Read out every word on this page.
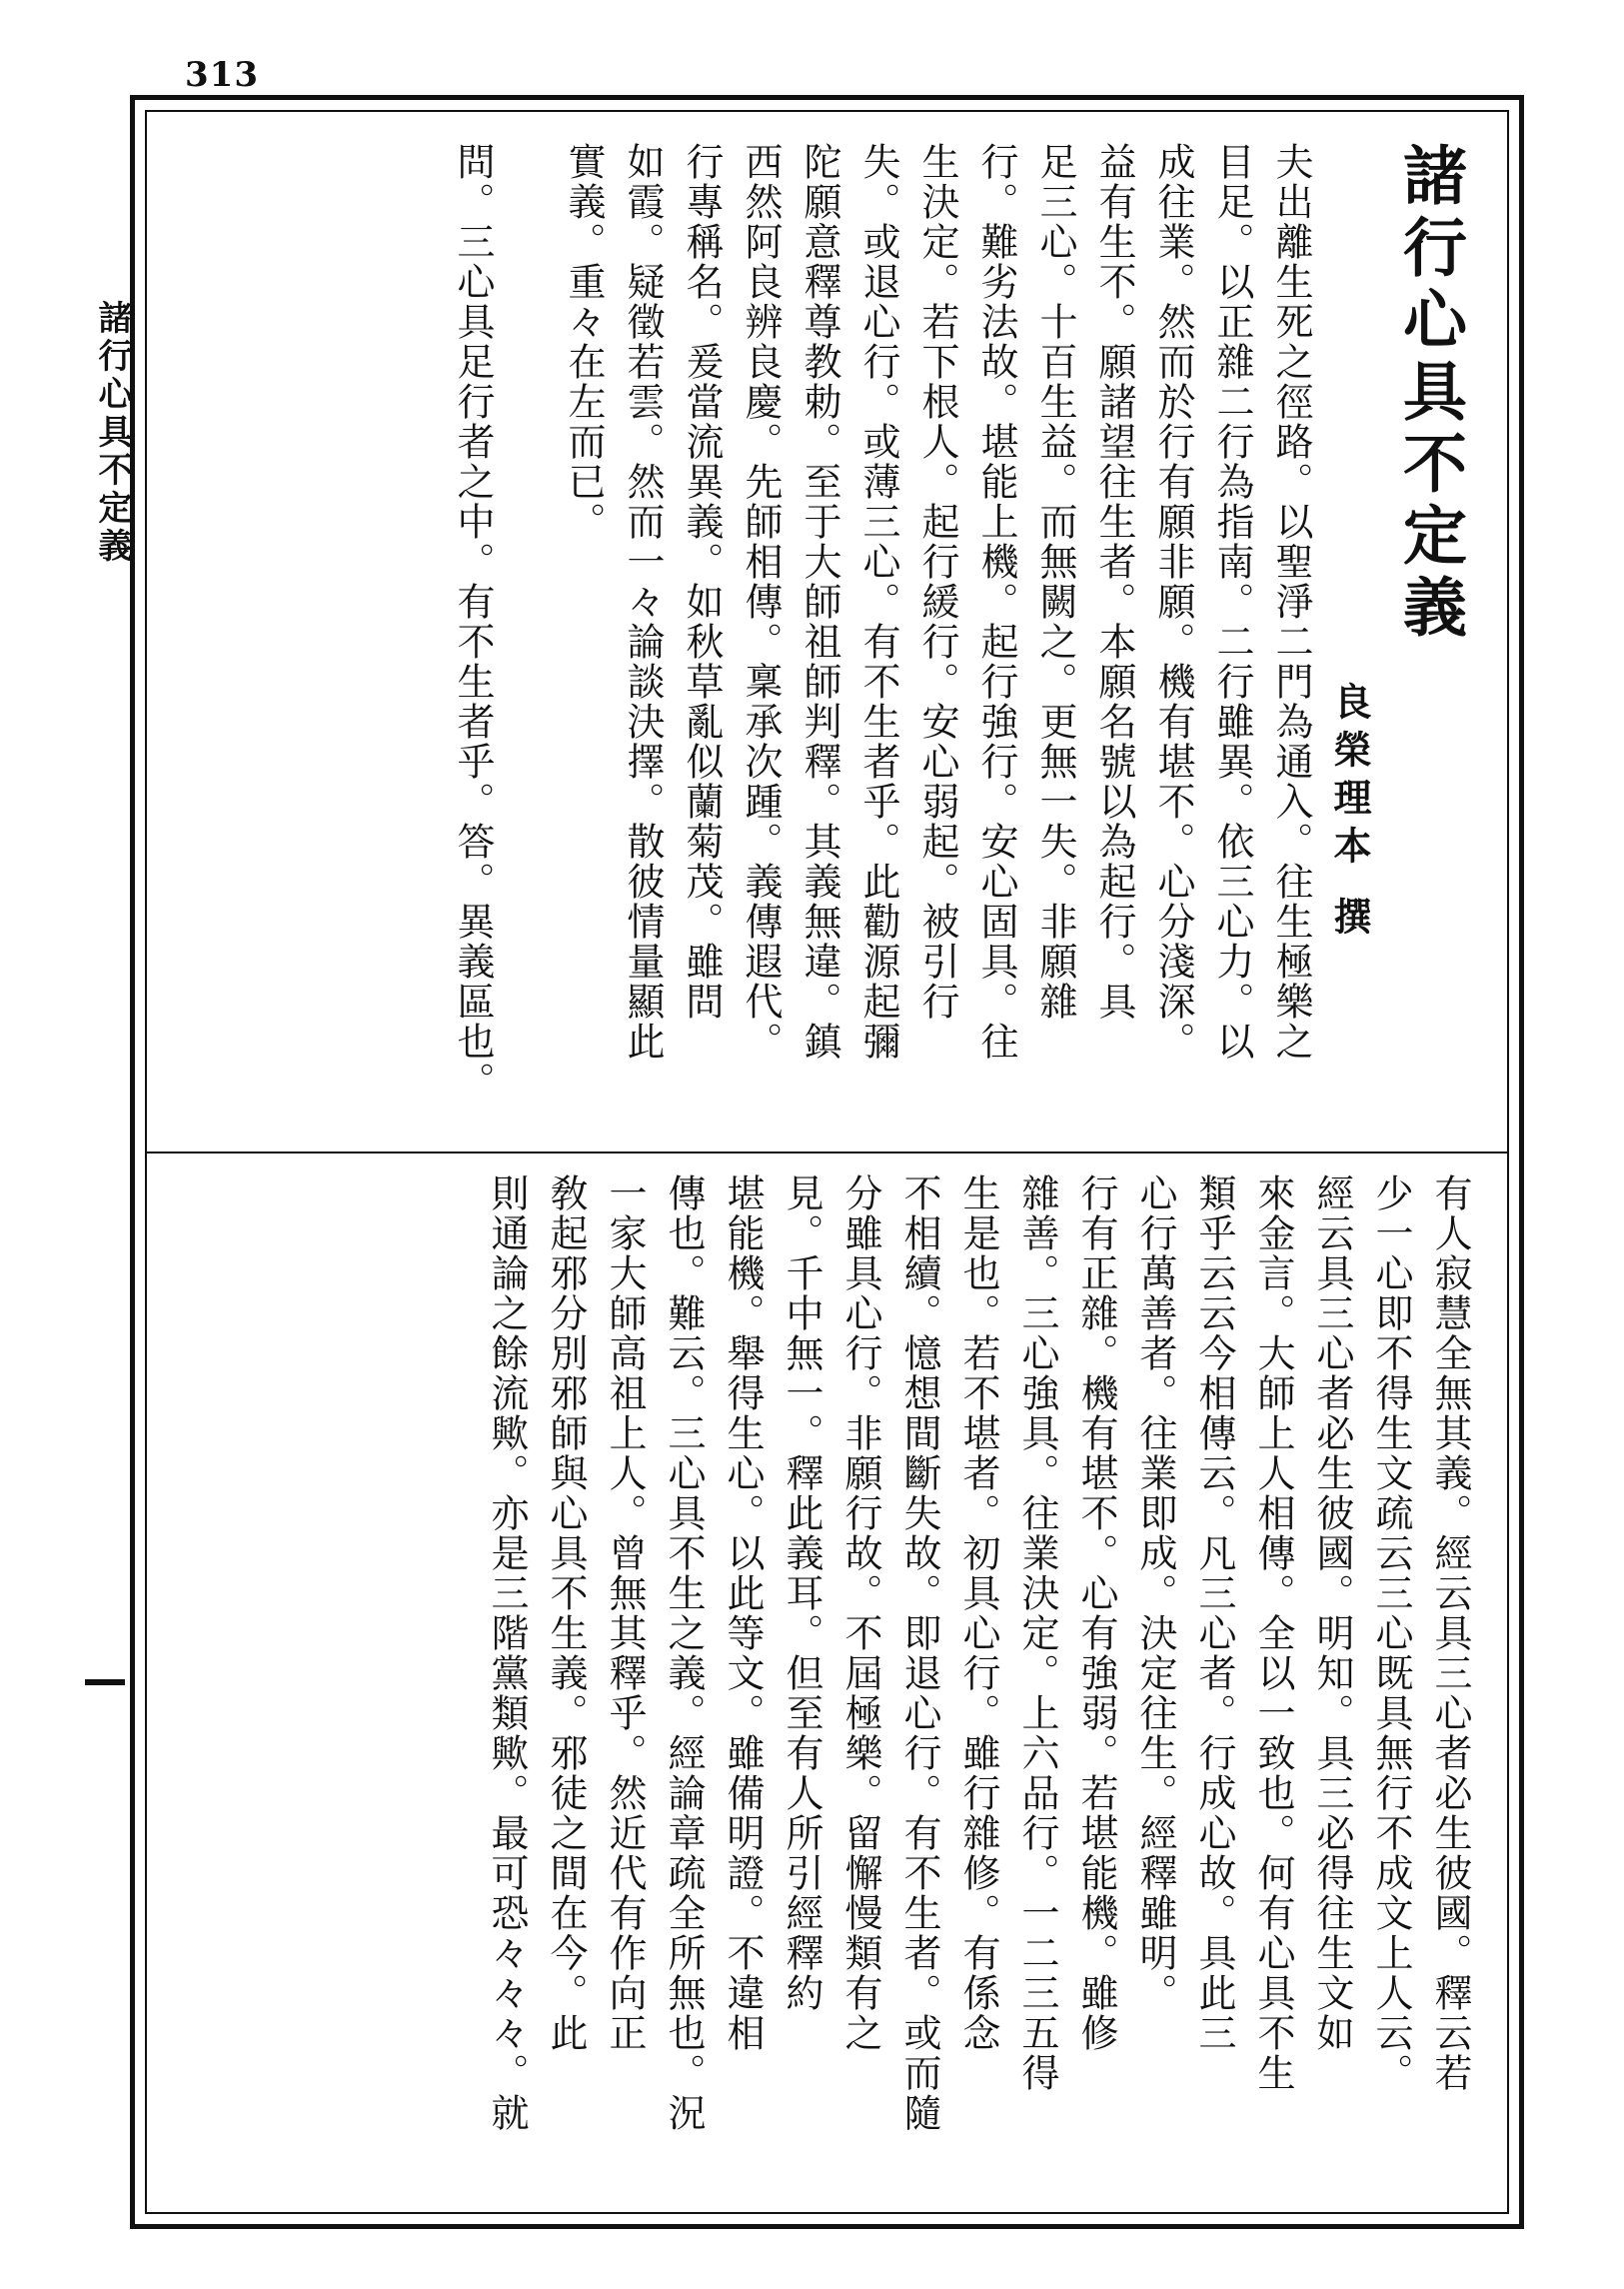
313
諸行心具不定義	諸行心具不定義
良榮理本 撰
夫出離生死之徑路。以聖淨二門為通入。往生極樂之
目足。以正雜二行為指南。二行雖異。依三心力。以
成往業。然而於行有願非願。機有堪不。心分淺深。
益有生不。願諸望往生者。本願名號以為起行。具
足三心。十百生益。而無闕之。更無一失。非願雜
行。難劣法故。堪能上機。起行強行。安心固具。往
生決定。若下根人。起行緩行。安心弱起。被引行
失。或退心行。或薄三心。有不生者乎。此勸源起彌
陀願意釋尊教勅。至于大師祖師判釋。其義無違。鎮
西然阿良辨良慶。先師相傳。稟承次踵。義傳遐代。
行專稱名。爰當流異義。如秋草亂似蘭菊茂。雖問
如霞。疑徵若雲。然而一々論談決擇。散彼情量顯此
實義。重々在左而已。
問。三心具足行者之中。有不生者乎。答。異義區也。
有人寂慧全無其義。經云具三心者必生彼國。釋云若
少一心即不得生文疏云三心既具無行不成文上人云。
經云具三心者必生彼國。明知。具三必得往生文如
來金言。大師上人相傳。全以一致也。何有心具不生
類乎云云今相傳云。凡三心者。行成心故。具此三
心行萬善者。往業即成。決定往生。經釋雖明。
行有正雜。機有堪不。心有強弱。若堪能機。雖修
雜善。三心強具。往業決定。上六品行。一二三五得
生是也。若不堪者。初具心行。雖行雜修。有係念
不相續。憶想間斷失故。即退心行。有不生者。或而隨
分雖具心行。非願行故。不屆極樂。留懈慢類有之
見。千中無一。釋此義耳。但至有人所引經釋約
堪能機。舉得生心。以此等文。雖備明證。不違相
傳也。難云。三心具不生之義。經論章疏全所無也。況
一家大師高祖上人。曾無其釋乎。然近代有作向正
敎起邪分別邪師與心具不生義。邪徒之間在今。此
則通論之餘流歟。亦是三階黨類歟。最可恐々々々。就
